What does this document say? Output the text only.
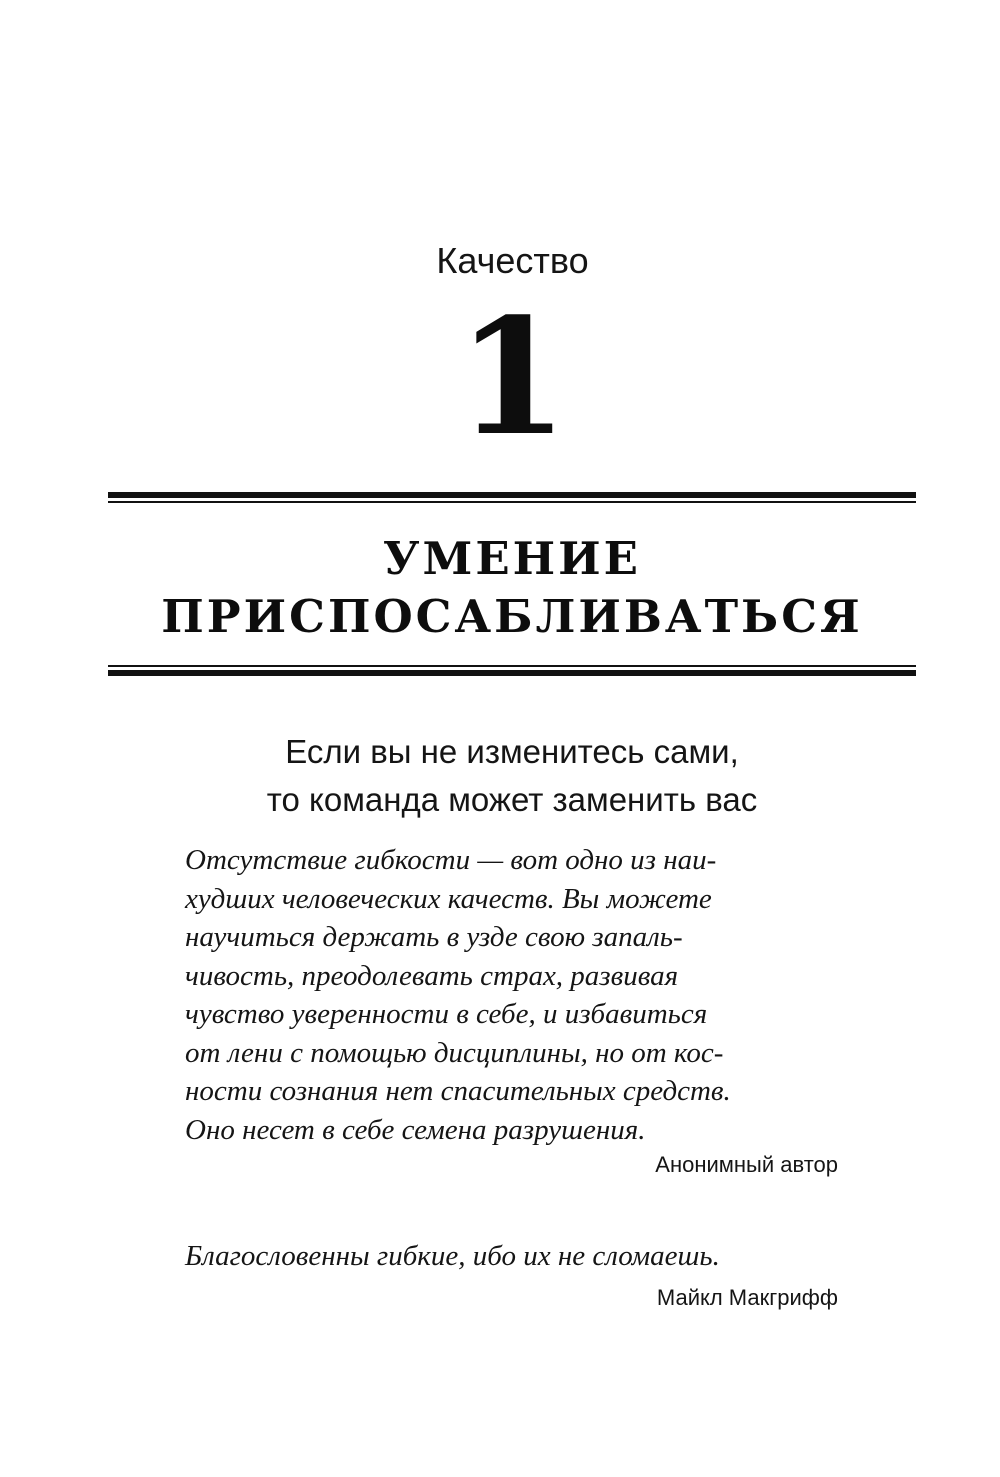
Качество
1
УМЕНИЕ
ПРИСПОСАБЛИВАТЬСЯ
Если вы не изменитесь сами,
то команда может заменить вас
Отсутствие гибкости — вот одно из наи-
худших человеческих качеств. Вы можете
научиться держать в узде свою запаль-
чивость, преодолевать страх, развивая
чувство уверенности в себе, и избавиться
от лени с помощью дисциплины, но от кос-
ности сознания нет спасительных средств.
Оно несет в себе семена разрушения.
Анонимный автор
Благословенны гибкие, ибо их не сломаешь.
Майкл Макгрифф
